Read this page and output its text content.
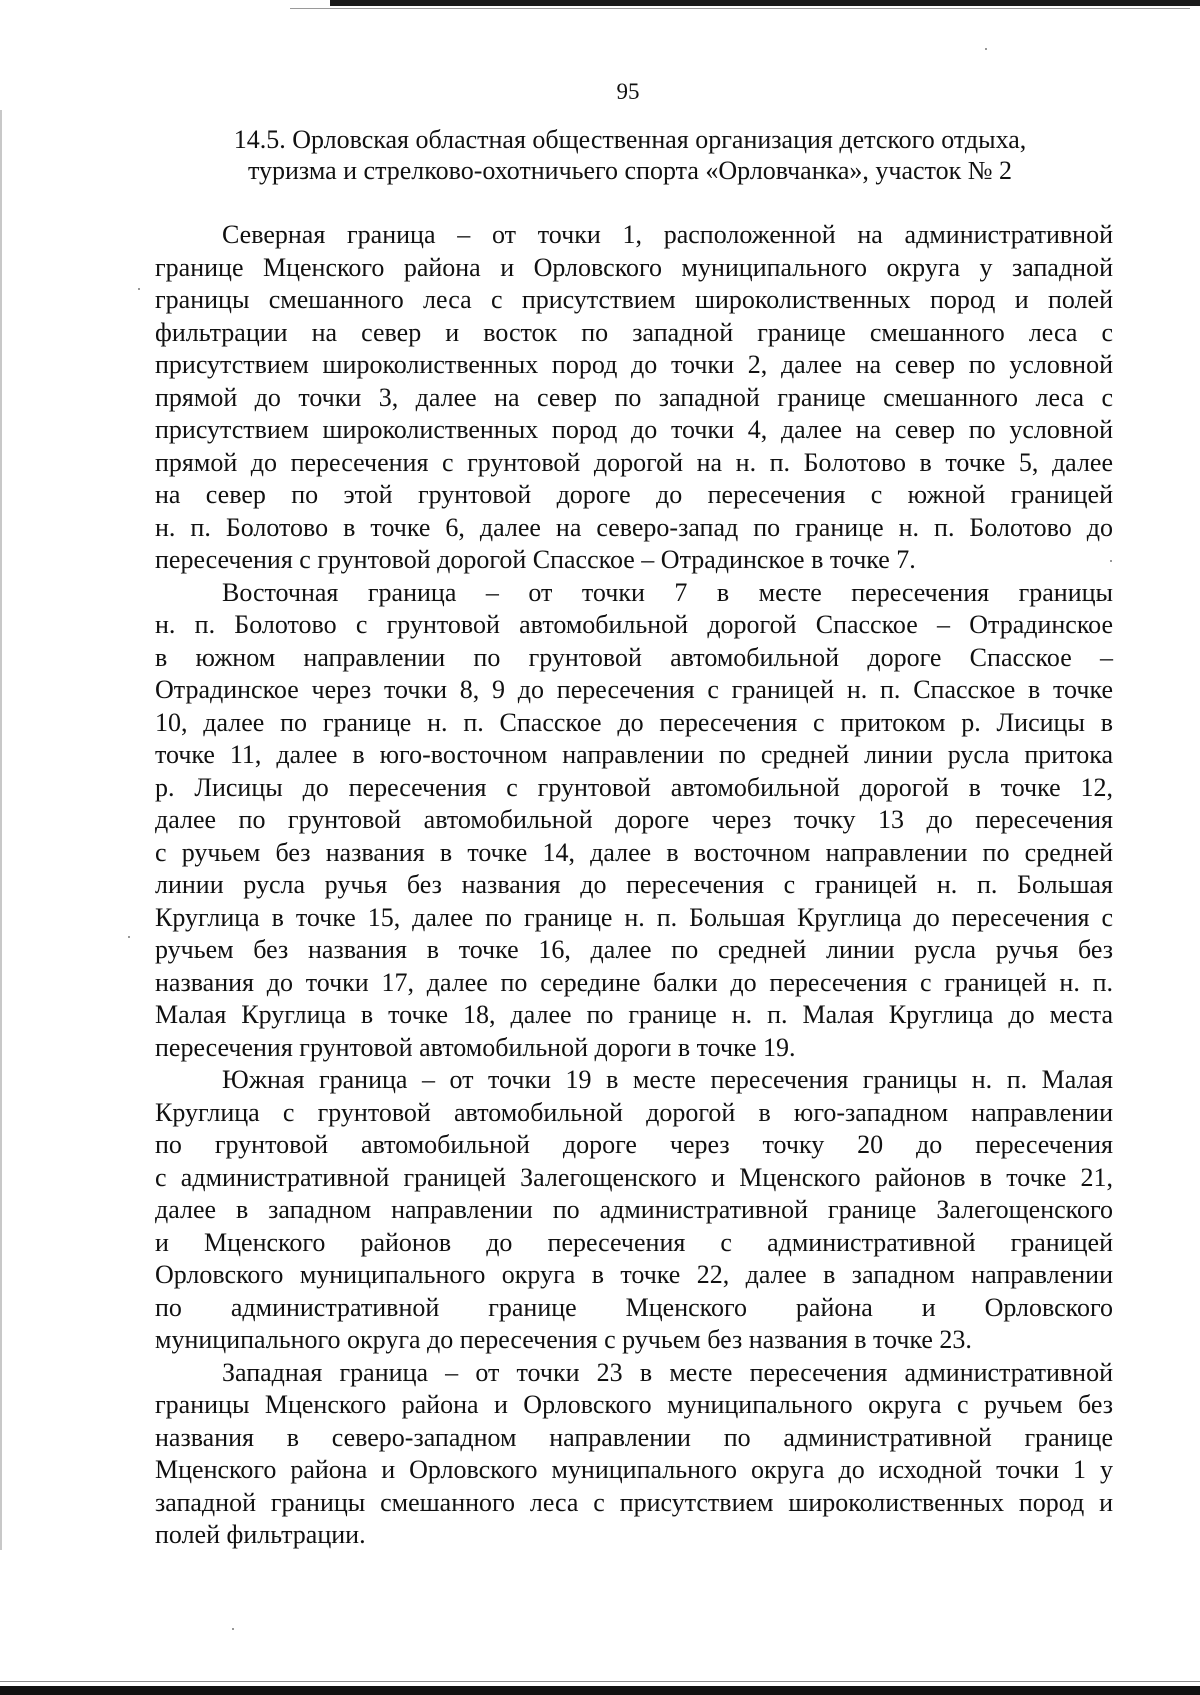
95
14.5. Орловская областная общественная организация детского отдыха,
туризма и стрелково-охотничьего спорта «Орловчанка», участок № 2

Северная граница – от точки 1, расположенной на административной
границе Мценского района и Орловского муниципального округа у западной
границы смешанного леса с присутствием широколиственных пород и полей
фильтрации на север и восток по западной границе смешанного леса с
присутствием широколиственных пород до точки 2, далее на север по условной
прямой до точки 3, далее на север по западной границе смешанного леса с
присутствием широколиственных пород до точки 4, далее на север по условной
прямой до пересечения с грунтовой дорогой на н. п. Болотово в точке 5, далее
на север по этой грунтовой дороге до пересечения с южной границей
н. п. Болотово в точке 6, далее на северо-запад по границе н. п. Болотово до
пересечения с грунтовой дорогой Спасское – Отрадинское в точке 7.

Восточная граница – от точки 7 в месте пересечения границы
н. п. Болотово с грунтовой автомобильной дорогой Спасское – Отрадинское
в южном направлении по грунтовой автомобильной дороге Спасское –
Отрадинское через точки 8, 9 до пересечения с границей н. п. Спасское в точке
10, далее по границе н. п. Спасское до пересечения с притоком р. Лисицы в
точке 11, далее в юго-восточном направлении по средней линии русла притока
р. Лисицы до пересечения с грунтовой автомобильной дорогой в точке 12,
далее по грунтовой автомобильной дороге через точку 13 до пересечения
с ручьем без названия в точке 14, далее в восточном направлении по средней
линии русла ручья без названия до пересечения с границей н. п. Большая
Круглица в точке 15, далее по границе н. п. Большая Круглица до пересечения с
ручьем без названия в точке 16, далее по средней линии русла ручья без
названия до точки 17, далее по середине балки до пересечения с границей н. п.
Малая Круглица в точке 18, далее по границе н. п. Малая Круглица до места
пересечения грунтовой автомобильной дороги в точке 19.

Южная граница – от точки 19 в месте пересечения границы н. п. Малая
Круглица с грунтовой автомобильной дорогой в юго-западном направлении
по грунтовой автомобильной дороге через точку 20 до пересечения
с административной границей Залегощенского и Мценского районов в точке 21,
далее в западном направлении по административной границе Залегощенского
и Мценского районов до пересечения с административной границей
Орловского муниципального округа в точке 22, далее в западном направлении
по административной границе Мценского района и Орловского
муниципального округа до пересечения с ручьем без названия в точке 23.

Западная граница – от точки 23 в месте пересечения административной
границы Мценского района и Орловского муниципального округа с ручьем без
названия в северо-западном направлении по административной границе
Мценского района и Орловского муниципального округа до исходной точки 1 у
западной границы смешанного леса с присутствием широколиственных пород и
полей фильтрации.
